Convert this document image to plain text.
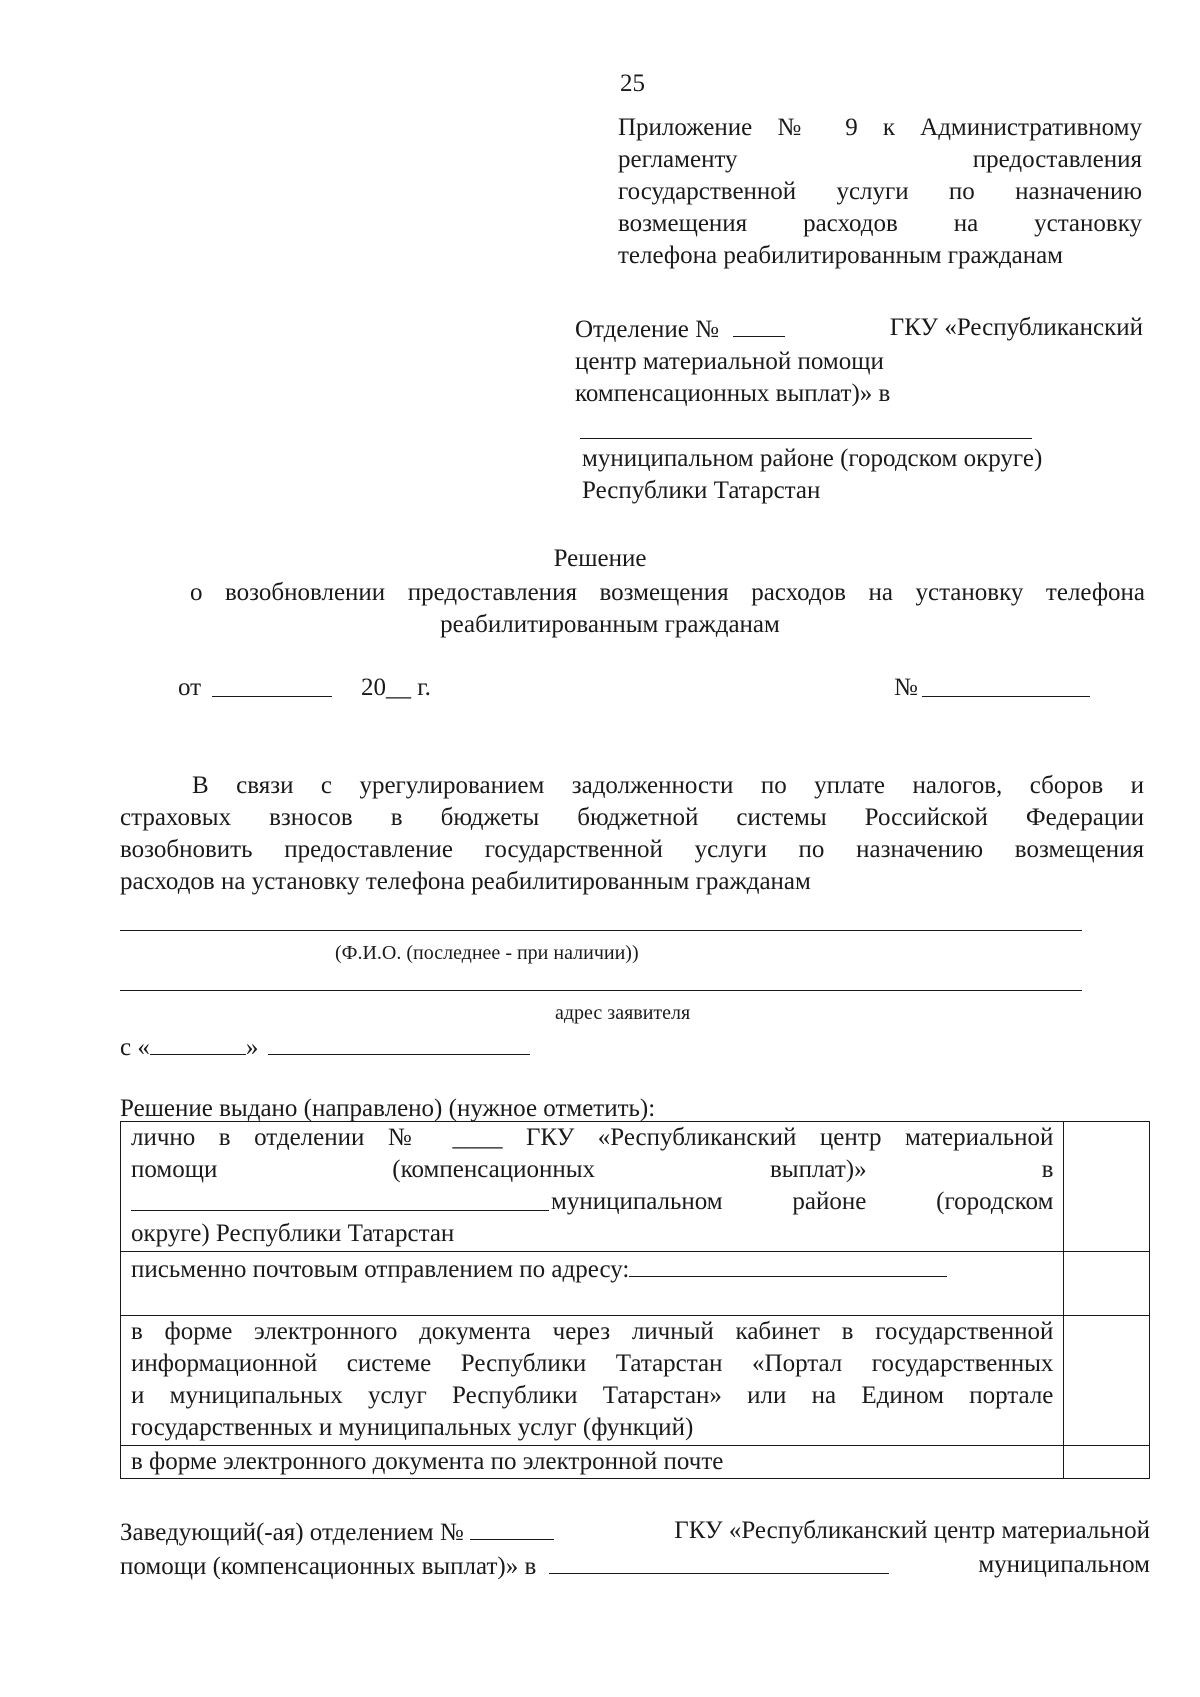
25
Приложение № 9 к Административному
регламенту предоставления
государственной услуги по назначению
возмещения расходов на установку
телефона реабилитированным гражданам
Отделение №	ГКУ «Республиканский
центр материальной помощи
компенсационных выплат)» в
муниципальном районе (городском округе)
Республики Татарстан
Решение
о возобновлении предоставления возмещения расходов на установку телефона
реабилитированным гражданам
от	20__ г.	№
В связи с урегулированием задолженности по уплате налогов, сборов и
страховых взносов в бюджеты бюджетной системы Российской Федерации
возобновить предоставление государственной услуги по назначению возмещения
расходов на установку телефона реабилитированным гражданам
(Ф.И.О. (последнее - при наличии))
адрес заявителя
с «	»
Решение выдано (направлено) (нужное отметить):
лично в отделении № ____ ГКУ «Республиканский центр материальной
помощи (компенсационных выплат)» в
муниципальном районе (городском
округе) Республики Татарстан	

письменно почтовым отправлением по адресу:	

в форме электронного документа через личный кабинет в государственной
информационной системе Республики Татарстан «Портал государственных
и муниципальных услуг Республики Татарстан» или на Едином портале
государственных и муниципальных услуг (функций)	

в форме электронного документа по электронной почте	
Заведующий(-ая) отделением №	ГКУ «Республиканский центр материальной
помощи (компенсационных выплат)» в	муниципальном
